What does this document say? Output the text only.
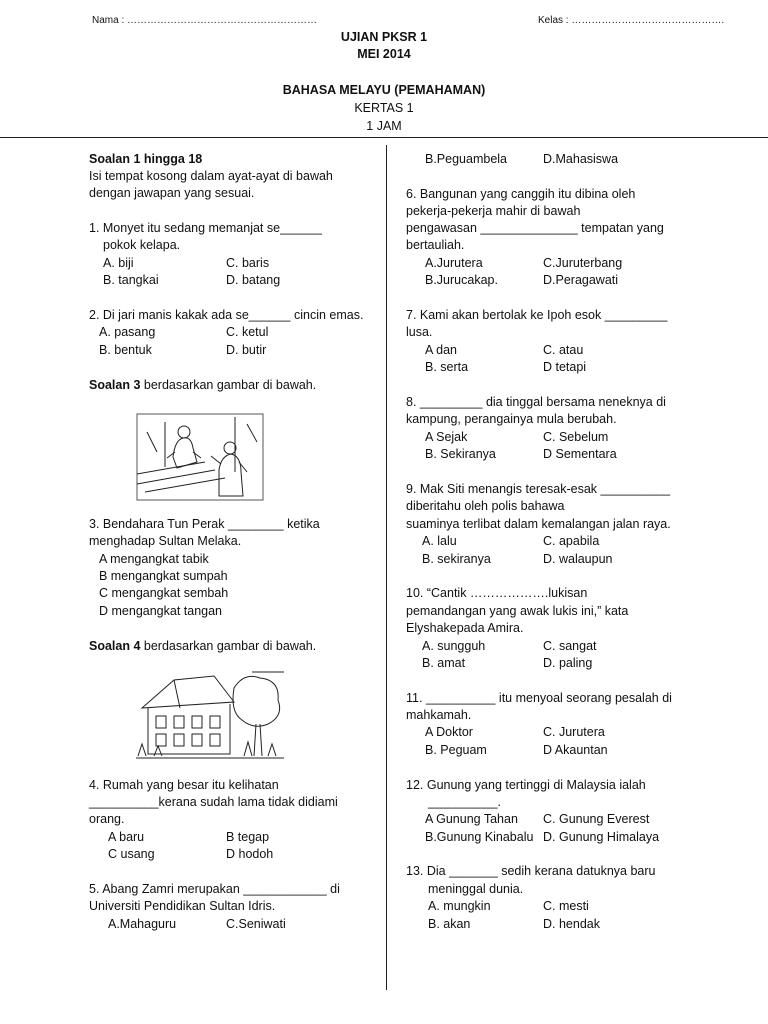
Nama : …………………………………………………	Kelas : ……………………………………….
UJIAN PKSR 1
MEI 2014
BAHASA MELAYU (PEMAHAMAN)
KERTAS 1
1 JAM
Soalan 1 hingga 18
Isi tempat kosong dalam ayat-ayat di bawah
dengan jawapan yang sesuai.
1. Monyet itu sedang memanjat se______
pokok kelapa.
A. biji	C. baris
B. tangkai	D. batang
2. Di jari manis kakak ada se______ cincin emas.
A. pasang	C. ketul
B. bentuk	D. butir
Soalan 3 berdasarkan gambar di bawah.
3. Bendahara Tun Perak ________ ketika
menghadap Sultan Melaka.
A mengangkat tabik
B mengangkat sumpah
C mengangkat sembah
D mengangkat tangan
Soalan 4 berdasarkan gambar di bawah.
4. Rumah yang besar itu kelihatan
__________kerana sudah lama tidak didiami
orang.
A baru	B tegap
C usang	D hodoh
5. Abang Zamri merupakan ____________ di
Universiti Pendidikan Sultan Idris.
A.Mahaguru	C.Seniwati
B.Peguambela	D.Mahasiswa
6. Bangunan yang canggih itu dibina oleh
pekerja-pekerja mahir di bawah
pengawasan ______________ tempatan yang
bertauliah.
A.Jurutera	C.Juruterbang
B.Jurucakap.	D.Peragawati
7. Kami akan bertolak ke Ipoh esok _________
lusa.
A dan	C. atau
B. serta	D tetapi
8. _________ dia tinggal bersama neneknya di
kampung, perangainya mula berubah.
A Sejak	C. Sebelum
B. Sekiranya	D Sementara
9. Mak Siti menangis teresak-esak __________
diberitahu oleh polis bahawa
suaminya terlibat dalam kemalangan jalan raya.
A. lalu	C. apabila
B. sekiranya	D. walaupun
10. “Cantik ……………….lukisan
pemandangan yang awak lukis ini,” kata
Elyshakepada Amira.
A. sungguh	C. sangat
B. amat	D. paling
11. __________ itu menyoal seorang pesalah di
mahkamah.
A Doktor	C. Jurutera
B. Peguam	D Akauntan
12. Gunung yang tertinggi di Malaysia ialah
__________.
A Gunung Tahan C. Gunung Everest
B.Gunung Kinabalu D. Gunung Himalaya
13. Dia _______ sedih kerana datuknya baru
meninggal dunia.
A. mungkin	C. mesti
B. akan	D. hendak
